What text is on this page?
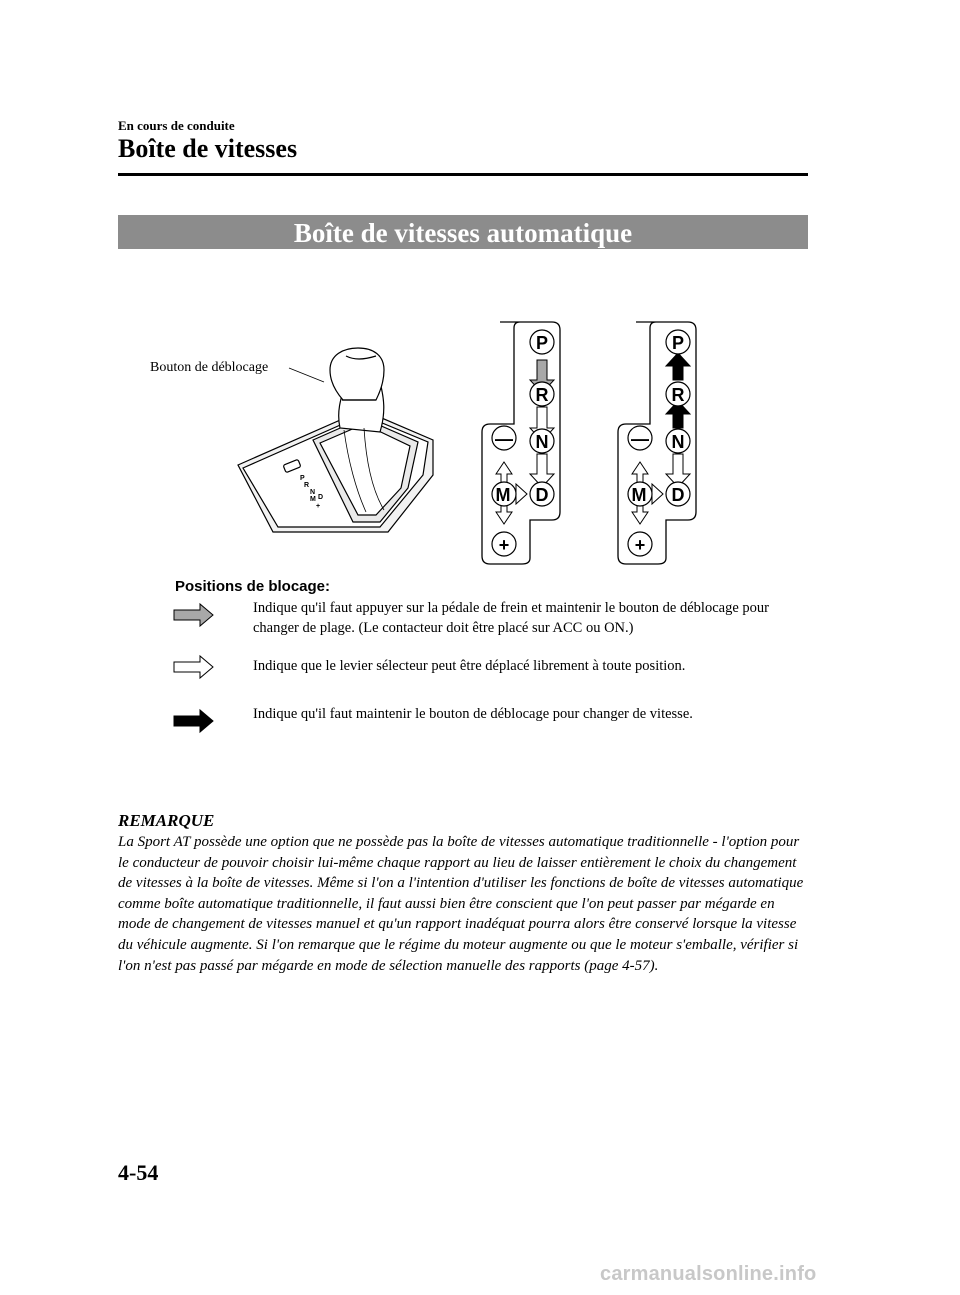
En cours de conduite
Boîte de vitesses
Boîte de vitesses automatique
P
R
N
M D
+
P
R
N
D
M
—
+
P
R
N
D
M
—
+
Bouton de déblocage
Positions de blocage:
Indique qu'il faut appuyer sur la pédale de frein et maintenir le bouton de déblocage pour changer de plage. (Le contacteur doit être placé sur ACC ou ON.)
Indique que le levier sélecteur peut être déplacé librement à toute position.
Indique qu'il faut maintenir le bouton de déblocage pour changer de vitesse.
REMARQUE
La Sport AT possède une option que ne possède pas la boîte de vitesses automatique traditionnelle - l'option pour le conducteur de pouvoir choisir lui-même chaque rapport au lieu de laisser entièrement le choix du changement de vitesses à la boîte de vitesses. Même si l'on a l'intention d'utiliser les fonctions de boîte de vitesses automatique comme boîte automatique traditionnelle, il faut aussi bien être conscient que l'on peut passer par mégarde en mode de changement de vitesses manuel et qu'un rapport inadéquat pourra alors être conservé lorsque la vitesse du véhicule augmente. Si l'on remarque que le régime du moteur augmente ou que le moteur s'emballe, vérifier si l'on n'est pas passé par mégarde en mode de sélection manuelle des rapports (page 4-57).
4-54
carmanualsonline.info
